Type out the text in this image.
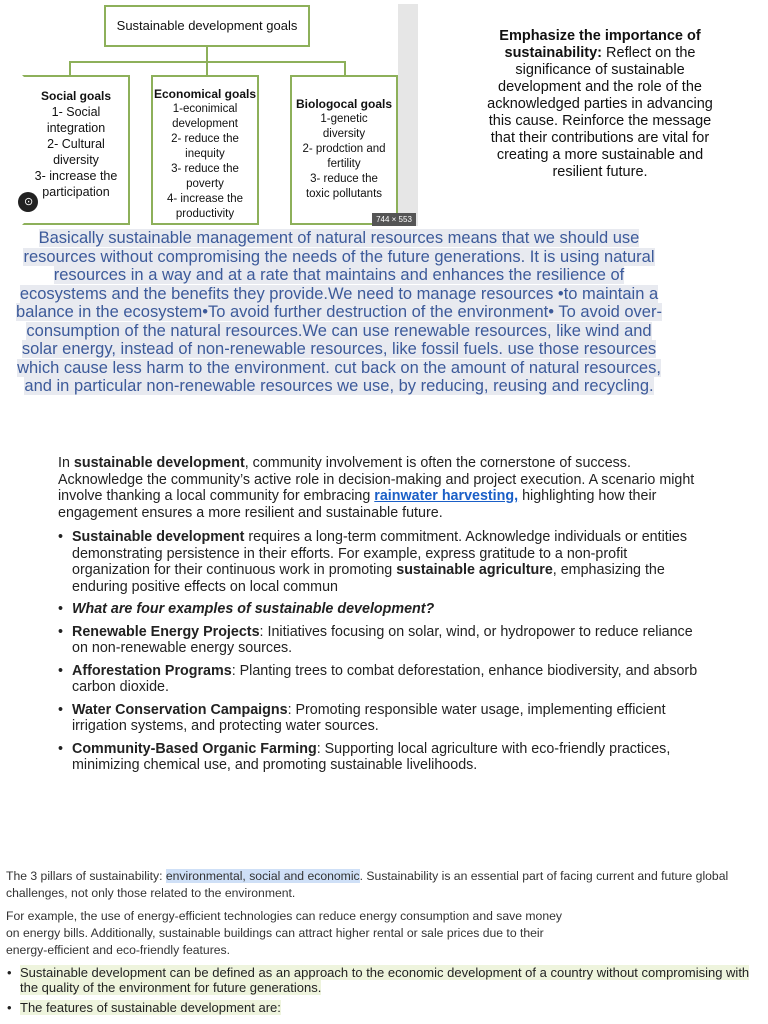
Sustainable development goals
Social goals
1- Social
integration
2- Cultural
diversity
3- increase the
participation
Economical goals
1-econimical
development
2- reduce the
inequity
3- reduce the
poverty
4- increase the
productivity
Biologocal goals
1-genetic
diversity
2- prodction and
fertility
3- reduce the
toxic pollutants
⊙
744 × 553
Emphasize the importance of sustainability: Reflect on the significance of sustainable development and the role of the acknowledged parties in advancing this cause. Reinforce the message that their contributions are vital for creating a more sustainable and resilient future.
Basically sustainable management of natural resources means that we should use resources without compromising the needs of the future generations. It is using natural resources in a way and at a rate that maintains and enhances the resilience of ecosystems and the benefits they provide.We need to manage resources •to maintain a balance in the ecosystem•To avoid further destruction of the environment• To avoid over-consumption of the natural resources.We can use renewable resources, like wind and solar energy, instead of non-renewable resources, like fossil fuels. use those resources which cause less harm to the environment. cut back on the amount of natural resources, and in particular non-renewable resources we use, by reducing, reusing and recycling.

In sustainable development, community involvement is often the cornerstone of success. Acknowledge the community’s active role in decision-making and project execution. A scenario might involve thanking a local community for embracing rainwater harvesting, highlighting how their engagement ensures a more resilient and sustainable future.

• Sustainable development requires a long-term commitment. Acknowledge individuals or entities demonstrating persistence in their efforts. For example, express gratitude to a non-profit organization for their continuous work in promoting sustainable agriculture, emphasizing the enduring positive effects on local commun
• What are four examples of sustainable development?
• Renewable Energy Projects: Initiatives focusing on solar, wind, or hydropower to reduce reliance on non-renewable energy sources.
• Afforestation Programs: Planting trees to combat deforestation, enhance biodiversity, and absorb carbon dioxide.
• Water Conservation Campaigns: Promoting responsible water usage, implementing efficient irrigation systems, and protecting water sources.
• Community-Based Organic Farming: Supporting local agriculture with eco-friendly practices, minimizing chemical use, and promoting sustainable livelihoods.

The 3 pillars of sustainability: environmental, social and economic. Sustainability is an essential part of facing current and future global challenges, not only those related to the environment.

For example, the use of energy-efficient technologies can reduce energy consumption and save money on energy bills. Additionally, sustainable buildings can attract higher rental or sale prices due to their energy-efficient and eco-friendly features.

• Sustainable development can be defined as an approach to the economic development of a country without compromising with the quality of the environment for future generations.
• The features of sustainable development are:
